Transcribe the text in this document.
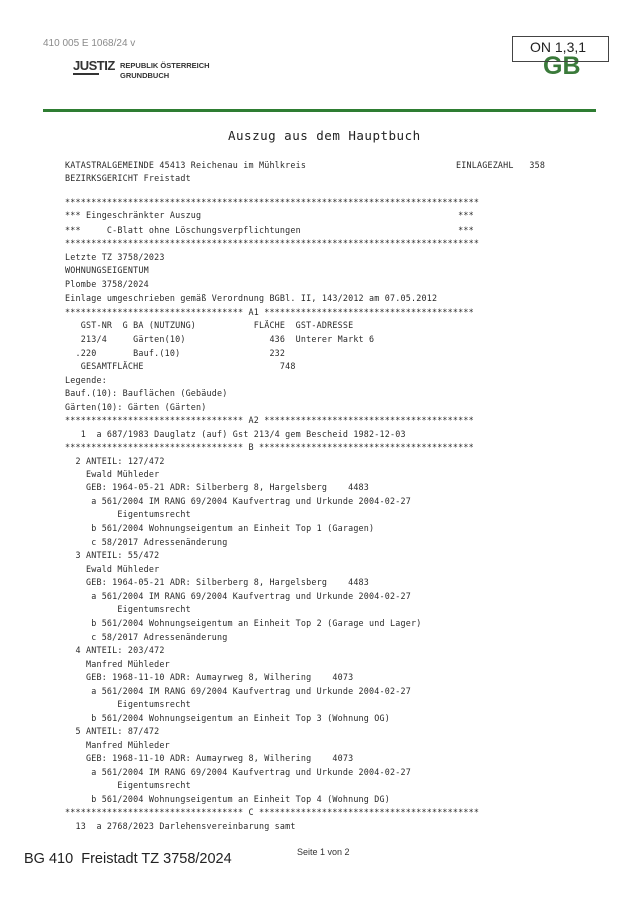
410 005 E 1068/24 v
JUSTIZ REPUBLIK ÖSTERREICH
GRUNDBUCH	GB
ON 1,3,1
Auszug aus dem Hauptbuch
KATASTRALGEMEINDE 45413 Reichenau im Mühlkreis	EINLAGEZAHL   358
BEZIRKSGERICHT Freistadt
*******************************************************************************
*** Eingeschränkter Auszug                                                 ***
***     C-Blatt ohne Löschungsverpflichtungen                              ***
*******************************************************************************
Letzte TZ 3758/2023
WOHNUNGSEIGENTUM
Plombe 3758/2024
Einlage umgeschrieben gemäß Verordnung BGBl. II, 143/2012 am 07.05.2012
********************************** A1 ****************************************
GST-NR  G BA (NUTZUNG)           FLÄCHE  GST-ADRESSE
213/4     Gärten(10)                436  Unterer Markt 6
.220       Bauf.(10)                 232
GESAMTFLÄCHE                          748
Legende:
Bauf.(10): Bauflächen (Gebäude)
Gärten(10): Gärten (Gärten)
********************************** A2 ****************************************
1  a 687/1983 Dauglatz (auf) Gst 213/4 gem Bescheid 1982-12-03
********************************** B *****************************************
2 ANTEIL: 127/472
Ewald Mühleder
GEB: 1964-05-21 ADR: Silberberg 8, Hargelsberg    4483
a 561/2004 IM RANG 69/2004 Kaufvertrag und Urkunde 2004-02-27
Eigentumsrecht
b 561/2004 Wohnungseigentum an Einheit Top 1 (Garagen)
c 58/2017 Adressenänderung
3 ANTEIL: 55/472
Ewald Mühleder
GEB: 1964-05-21 ADR: Silberberg 8, Hargelsberg    4483
a 561/2004 IM RANG 69/2004 Kaufvertrag und Urkunde 2004-02-27
Eigentumsrecht
b 561/2004 Wohnungseigentum an Einheit Top 2 (Garage und Lager)
c 58/2017 Adressenänderung
4 ANTEIL: 203/472
Manfred Mühleder
GEB: 1968-11-10 ADR: Aumayrweg 8, Wilhering    4073
a 561/2004 IM RANG 69/2004 Kaufvertrag und Urkunde 2004-02-27
Eigentumsrecht
b 561/2004 Wohnungseigentum an Einheit Top 3 (Wohnung OG)
5 ANTEIL: 87/472
Manfred Mühleder
GEB: 1968-11-10 ADR: Aumayrweg 8, Wilhering    4073
a 561/2004 IM RANG 69/2004 Kaufvertrag und Urkunde 2004-02-27
Eigentumsrecht
b 561/2004 Wohnungseigentum an Einheit Top 4 (Wohnung DG)
********************************** C ******************************************
13  a 2768/2023 Darlehensvereinbarung samt
BG 410  Freistadt TZ 3758/2024	Seite 1 von 2
